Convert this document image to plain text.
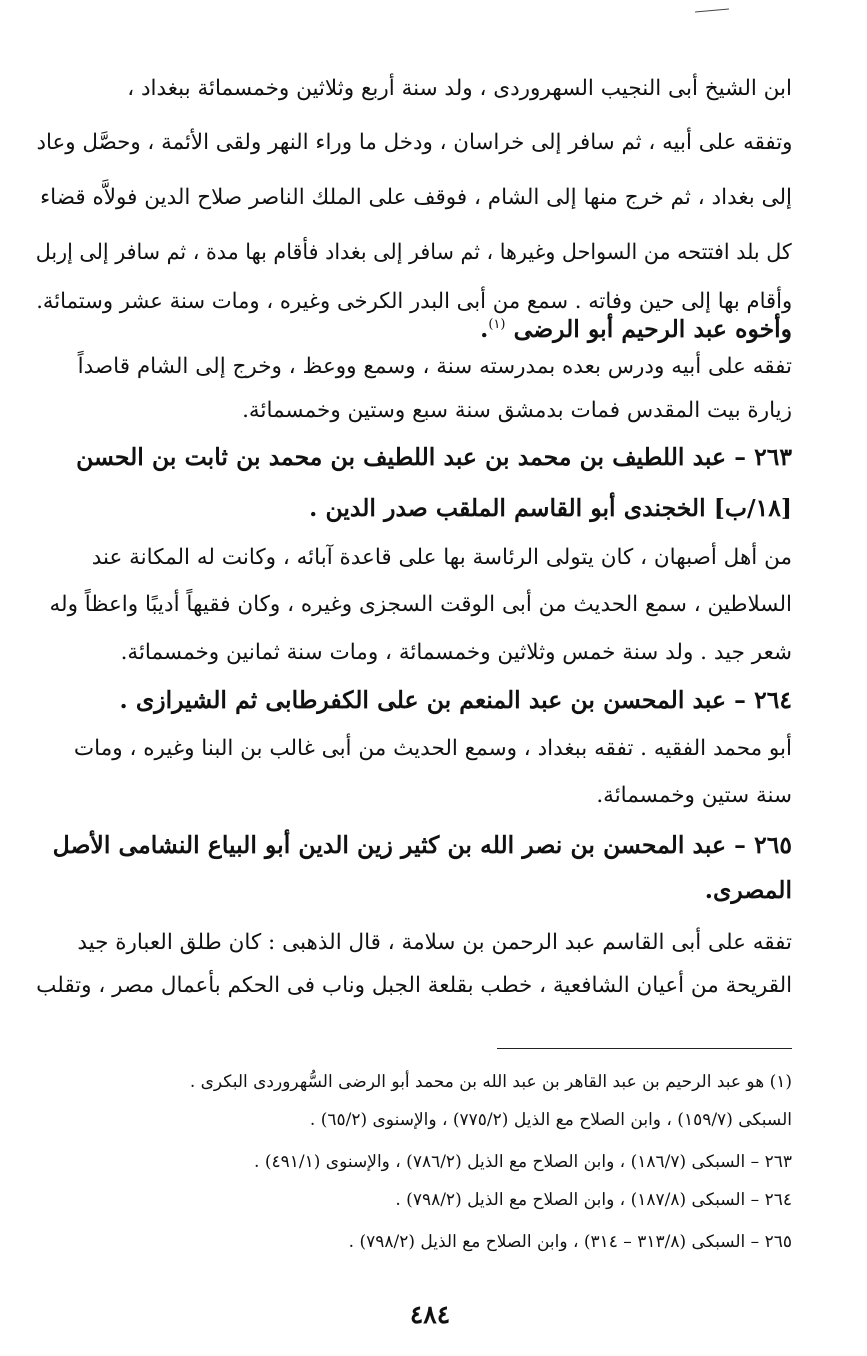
ابن الشيخ أبى النجيب السهروردى ، ولد سنة أربع وثلاثين وخمسمائة ببغداد ،
وتفقه على أبيه ، ثم سافر إلى خراسان ، ودخل ما وراء النهر ولقى الأئمة ، وحصَّل وعاد
إلى بغداد ، ثم خرج منها إلى الشام ، فوقف على الملك الناصر صلاح الدين فولاَّه قضاء
كل بلد افتتحه من السواحل وغيرها ، ثم سافر إلى بغداد فأقام بها مدة ، ثم سافر إلى إربل
وأقام بها إلى حين وفاته . سمع من أبى البدر الكرخى وغيره ، ومات سنة عشر وستمائة.
وأخوه عبد الرحيم أبو الرضى $^{(١)}$.
تفقه على أبيه ودرس بعده بمدرسته سنة ، وسمع ووعظ ، وخرج إلى الشام قاصداً
زيارة بيت المقدس فمات بدمشق سنة سبع وستين وخمسمائة.
٢٦٣ – عبد اللطيف بن محمد بن عبد اللطيف بن محمد بن ثابت بن الحسن
[١٨/ب] الخجندى أبو القاسم الملقب صدر الدين .
من أهل أصبهان ، كان يتولى الرئاسة بها على قاعدة آبائه ، وكانت له المكانة عند
السلاطين ، سمع الحديث من أبى الوقت السجزى وغيره ، وكان فقيهاً أديبًا واعظاً وله
شعر جيد . ولد سنة خمس وثلاثين وخمسمائة ، ومات سنة ثمانين وخمسمائة.
٢٦٤ – عبد المحسن بن عبد المنعم بن على الكفرطابى ثم الشيرازى .
أبو محمد الفقيه . تفقه ببغداد ، وسمع الحديث من أبى غالب بن البنا وغيره ، ومات
سنة ستين وخمسمائة.
٢٦٥ – عبد المحسن بن نصر الله بن كثير زين الدين أبو البياع النشامى الأصل
المصرى.
تفقه على أبى القاسم عبد الرحمن بن سلامة ، قال الذهبى : كان طلق العبارة جيد
القريحة من أعيان الشافعية ، خطب بقلعة الجبل وناب فى الحكم بأعمال مصر ، وتقلب
(١) هو عبد الرحيم بن عبد القاهر بن عبد الله بن محمد أبو الرضى السُّهروردى البكرى .
السبكى (١٥٩/٧) ، وابن الصلاح مع الذيل (٧٧٥/٢) ، والإسنوى (٦٥/٢) .
٢٦٣ – السبكى (١٨٦/٧) ، وابن الصلاح مع الذيل (٧٨٦/٢) ، والإسنوى (٤٩١/١) .
٢٦٤ – السبكى (١٨٧/٨) ، وابن الصلاح مع الذيل (٧٩٨/٢) .
٢٦٥ – السبكى (٣١٣/٨ – ٣١٤) ، وابن الصلاح مع الذيل (٧٩٨/٢) .
٤٨٤
